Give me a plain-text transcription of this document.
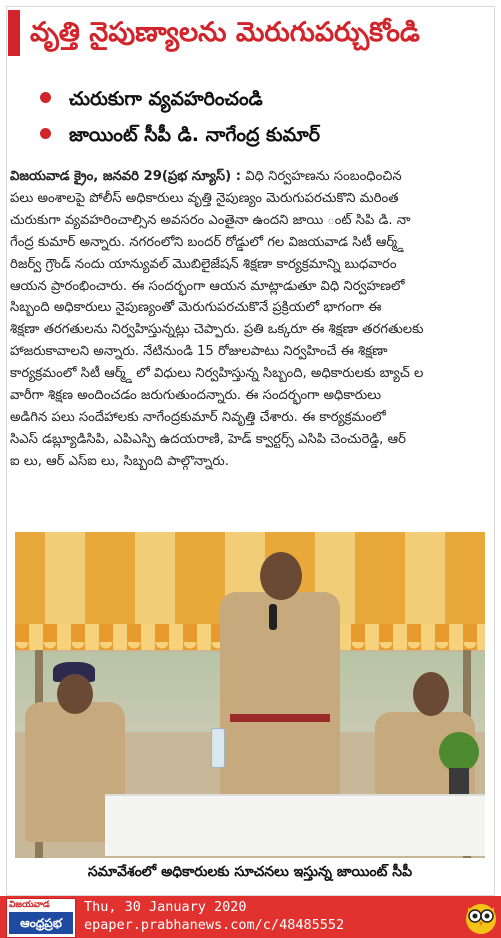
వృత్తి నైపుణ్యాలను మెరుగుపర్చుకోండి
చురుకుగా వ్యవహరించండి
జాయింట్ సీపీ డి. నాగేంద్ర కుమార్
విజయవాడ క్రైం, జనవరి 29(ప్రభ న్యూస్) : విధి నిర్వహణను సంబంధించిన
పలు అంశాలపై పోలీస్ అధికారులు వృత్తి నైపుణ్యం మెరుగుపరచుకొని మరింత
చురుకుగా వ్యవహరించాల్సిన అవసరం ఎంతైనా ఉందని జాయి ంట్ సిపి డి. నా
గేంద్ర కుమార్ అన్నారు. నగరంలోని బందర్ రోడ్డులో గల విజయవాడ సిటీ ఆర్మ్డ్
రిజర్వ్ గ్రౌండ్ నందు యాన్యువల్ మొబిలైజేషన్ శిక్షణా కార్యక్రమాన్ని బుధవారం
ఆయన ప్రారంభించారు. ఈ సందర్భంగా ఆయన మాట్లాడుతూ విధి నిర్వహణలో
సిబ్బంది అధికారులు నైపుణ్యంతో మెరుగుపరచుకొనే ప్రక్రియలో భాగంగా ఈ
శిక్షణా తరగతులను నిర్వహిస్తున్నట్లు చెప్పారు. ప్రతి ఒక్కరూ ఈ శిక్షణా తరగతులకు
హాజరుకావాలని అన్నారు. నేటినుండి 15 రోజులపాటు నిర్వహించే ఈ శిక్షణా
కార్యక్రమంలో సిటీ ఆర్మ్డ్ లో విధులు నిర్వహిస్తున్న సిబ్బంది, అధికారులకు బ్యాచ్ ల
వారీగా శిక్షణ అందించడం జరుగుతుందన్నారు. ఈ సందర్భంగా అధికారులు
అడిగిన పలు సందేహాలకు నాగేంద్రకుమార్ నివృత్తి చేశారు. ఈ కార్యక్రమంలో
సిఎస్ డబ్ల్యూడిసిపి, ఎపిఎస్పి ఉదయరాణి, హెడ్ క్వార్టర్స్ ఎసిపి చెంచురెడ్డి, ఆర్
ఐ లు, ఆర్ ఎస్ఐ లు, సిబ్బంది పాల్గొన్నారు.
సమావేశంలో అధికారులకు సూచనలు ఇస్తున్న జాయింట్ సీపీ
విజయవాడ
ఆంధ్రప్రభ
Thu, 30 January 2020
epaper.prabhanews.com/c/48485552
